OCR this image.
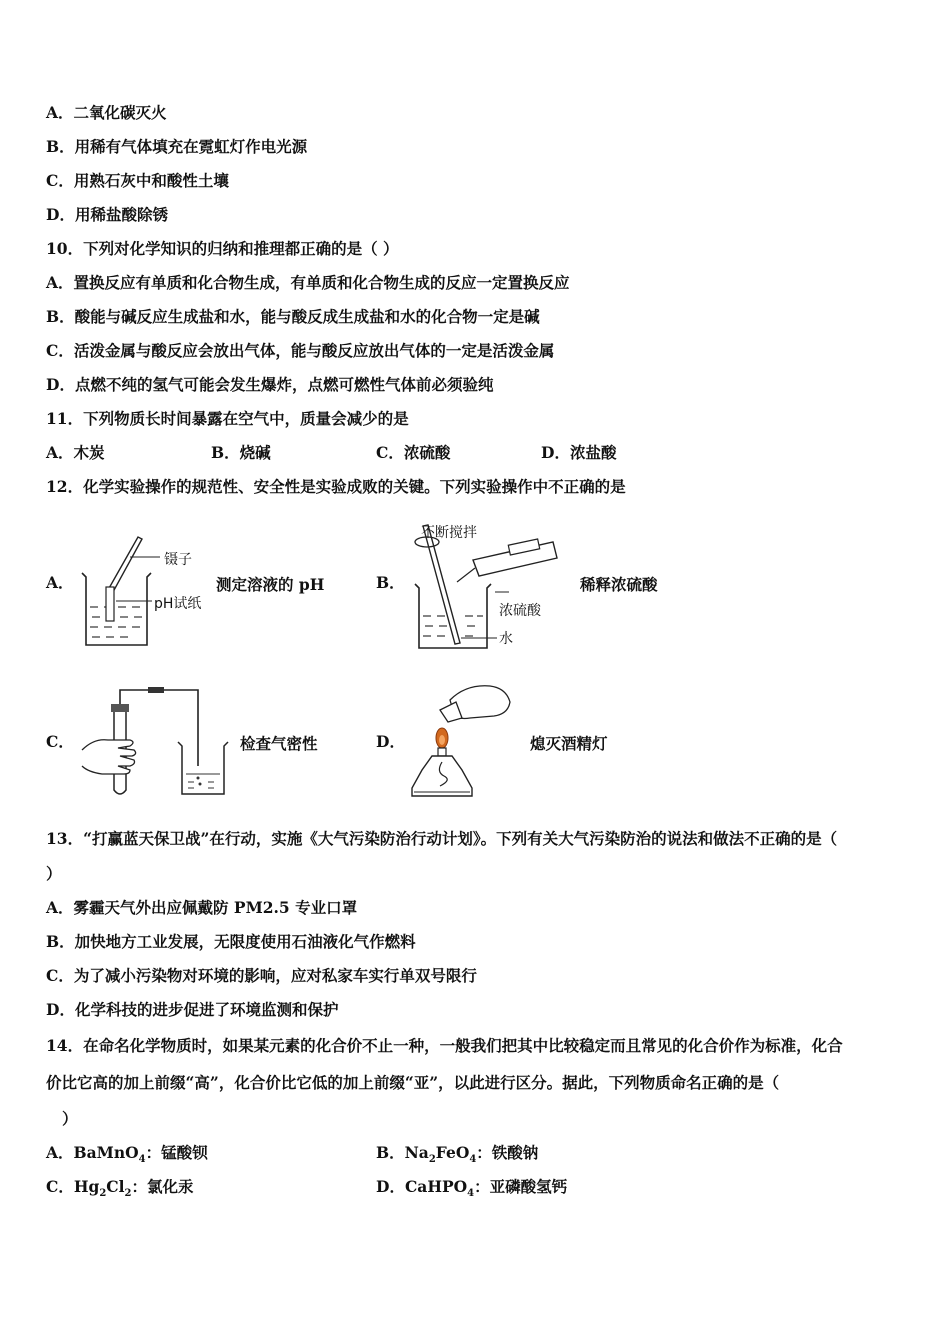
A．二氧化碳灭火
B．用稀有气体填充在霓虹灯作电光源
C．用熟石灰中和酸性土壤
D．用稀盐酸除锈
10．下列对化学知识的归纳和推理都正确的是（ ）
A．置换反应有单质和化合物生成，有单质和化合物生成的反应一定置换反应
B．酸能与碱反应生成盐和水，能与酸反成生成盐和水的化合物一定是碱
C．活泼金属与酸反应会放出气体，能与酸反应放出气体的一定是活泼金属
D．点燃不纯的氢气可能会发生爆炸，点燃可燃性气体前必须验纯
11．下列物质长时间暴露在空气中，质量会减少的是
A．木炭	B．烧碱	C．浓硫酸	D．浓盐酸
12．化学实验操作的规范性、安全性是实验成败的关键。下列实验操作中不正确的是
A．
镊子
pH试纸
测定溶液的 pH	B．
不断搅拌
浓硫酸
水
稀释浓硫酸
C．	检查气密性	D．	熄灭酒精灯
13．“打赢蓝天保卫战”在行动，实施《大气污染防治行动计划》。下列有关大气污染防治的说法和做法不正确的是（
）
A．雾霾天气外出应佩戴防 PM2.5 专业口罩
B．加快地方工业发展，无限度使用石油液化气作燃料
C．为了减小污染物对环境的影响，应对私家车实行单双号限行
D．化学科技的进步促进了环境监测和保护
14．在命名化学物质时，如果某元素的化合价不止一种，一般我们把其中比较稳定而且常见的化合价作为标准，化合
价比它高的加上前缀“高”，化合价比它低的加上前缀“亚”，以此进行区分。据此，下列物质命名正确的是（
）
A．BaMnO$_4$：锰酸钡	B．$Na_2FeO_4$：铁酸钠
C．$Hg_2Cl_2$：氯化汞	D．CaHPO$_4$：亚磷酸氢钙
